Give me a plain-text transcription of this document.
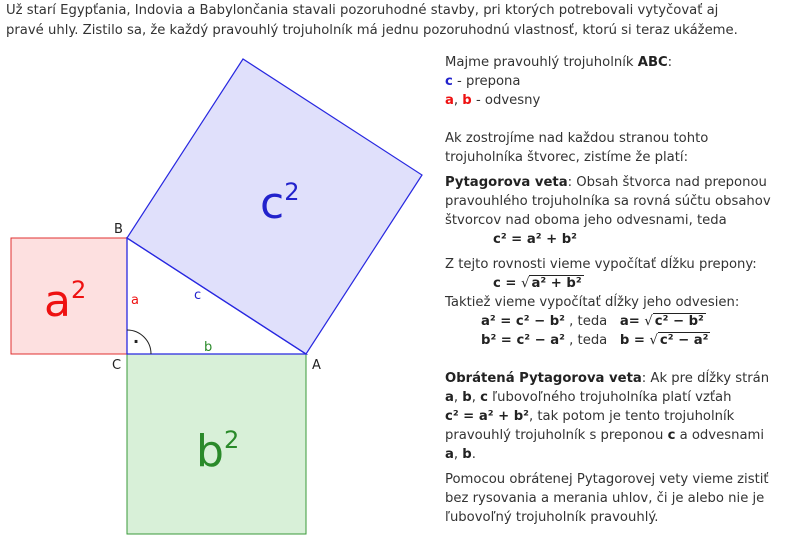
Už starí Egypťania, Indovia a Babylončania stavali pozoruhodné stavby, pri ktorých potrebovali vytyčovať aj
pravé uhly. Zistilo sa, že každý pravouhlý trojuholník má jednu pozoruhodnú vlastnosť, ktorú si teraz ukážeme.
·
$a^2$
$b^2$
$c^2$
a
b
c
B
C	A
Majme pravouhlý trojuholník ABC:
c - prepona
a, b - odvesny
Ak zostrojíme nad každou stranou tohto
trojuholníka štvorec, zistíme že platí:
Pytagorova veta: Obsah štvorca nad preponou
pravouhlého trojuholníka sa rovná súčtu obsahov
štvorcov nad oboma jeho odvesnami, teda
c² = a² + b²
Z tejto rovnosti vieme vypočítať dĺžku prepony:
c = √ a² + b²
Taktiež vieme vypočítať dĺžky jeho odvesien:
a² = c² − b² , teda a= √ c² − b²
b² = c² − a² , teda b = √ c² − a²
Obrátená Pytagorova veta: Ak pre dĺžky strán
a, b, c ľubovoľného trojuholníka platí vzťah
c² = a² + b², tak potom je tento trojuholník
pravouhlý trojuholník s preponou c a odvesnami
a, b.
Pomocou obrátenej Pytagorovej vety vieme zistiť
bez rysovania a merania uhlov, či je alebo nie je
ľubovoľný trojuholník pravouhlý.
